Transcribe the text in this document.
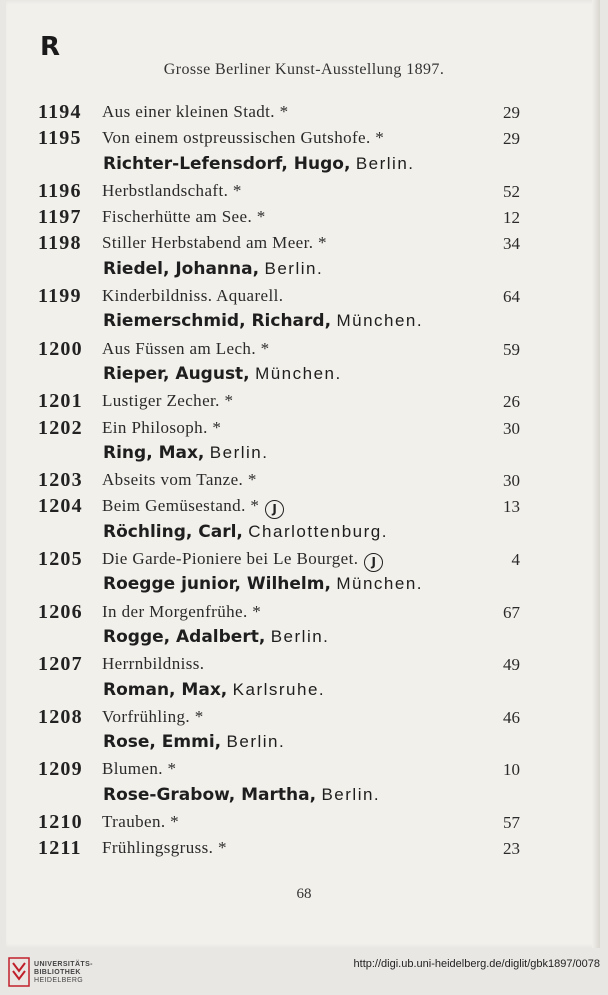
R
Grosse Berliner Kunst-Ausstellung 1897.
1194 Aus einer kleinen Stadt. *	29
1195 Von einem ostpreussischen Gutshofe. *	29
Richter-Lefensdorf, Hugo, Berlin.
1196 Herbstlandschaft. *	52
1197 Fischerhütte am See. *	12
1198 Stiller Herbstabend am Meer. *	34
Riedel, Johanna, Berlin.
1199 Kinderbildniss. Aquarell.	64
Riemerschmid, Richard, München.
1200 Aus Füssen am Lech. *	59
Rieper, August, München.
1201 Lustiger Zecher. *	26
1202 Ein Philosoph. *	30
Ring, Max, Berlin.
1203 Abseits vom Tanze. *	30
1204 Beim Gemüsestand. * J	13
Röchling, Carl, Charlottenburg.
1205 Die Garde-Pioniere bei Le Bourget. J	4
Roegge junior, Wilhelm, München.
1206 In der Morgenfrühe. *	67
Rogge, Adalbert, Berlin.
1207 Herrnbildniss.	49
Roman, Max, Karlsruhe.
1208 Vorfrühling. *	46
Rose, Emmi, Berlin.
1209 Blumen. *	10
Rose-Grabow, Martha, Berlin.
1210 Trauben. *	57
1211 Frühlingsgruss. *	23
68
UNIVERSITÄTS-
BIBLIOTHEK
HEIDELBERG
http://digi.ub.uni-heidelberg.de/diglit/gbk1897/0078
